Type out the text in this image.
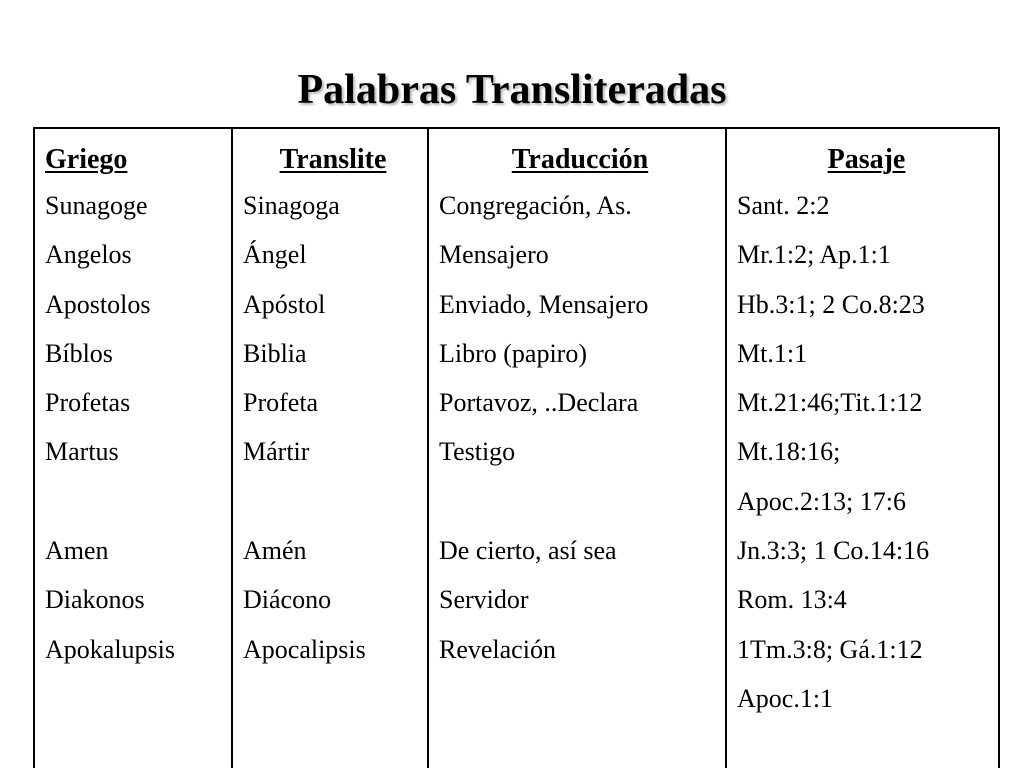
Palabras Transliteradas
Griego
Sunagoge
Angelos
Apostolos
Bíblos
Profetas
Martus
Amen
Diakonos
Apokalupsis
Translite
Sinagoga
Ángel
Apóstol
Biblia
Profeta
Mártir
Amén
Diácono
Apocalipsis
Traducción
Congregación, As.
Mensajero
Enviado, Mensajero
Libro (papiro)
Portavoz, ..Declara
Testigo
De cierto, así sea
Servidor
Revelación
Pasaje
Sant. 2:2
Mr.1:2; Ap.1:1
Hb.3:1; 2 Co.8:23
Mt.1:1
Mt.21:46;Tit.1:12
Mt.18:16;
Apoc.2:13; 17:6
Jn.3:3; 1 Co.14:16
Rom. 13:4
1Tm.3:8; Gá.1:12
Apoc.1:1
